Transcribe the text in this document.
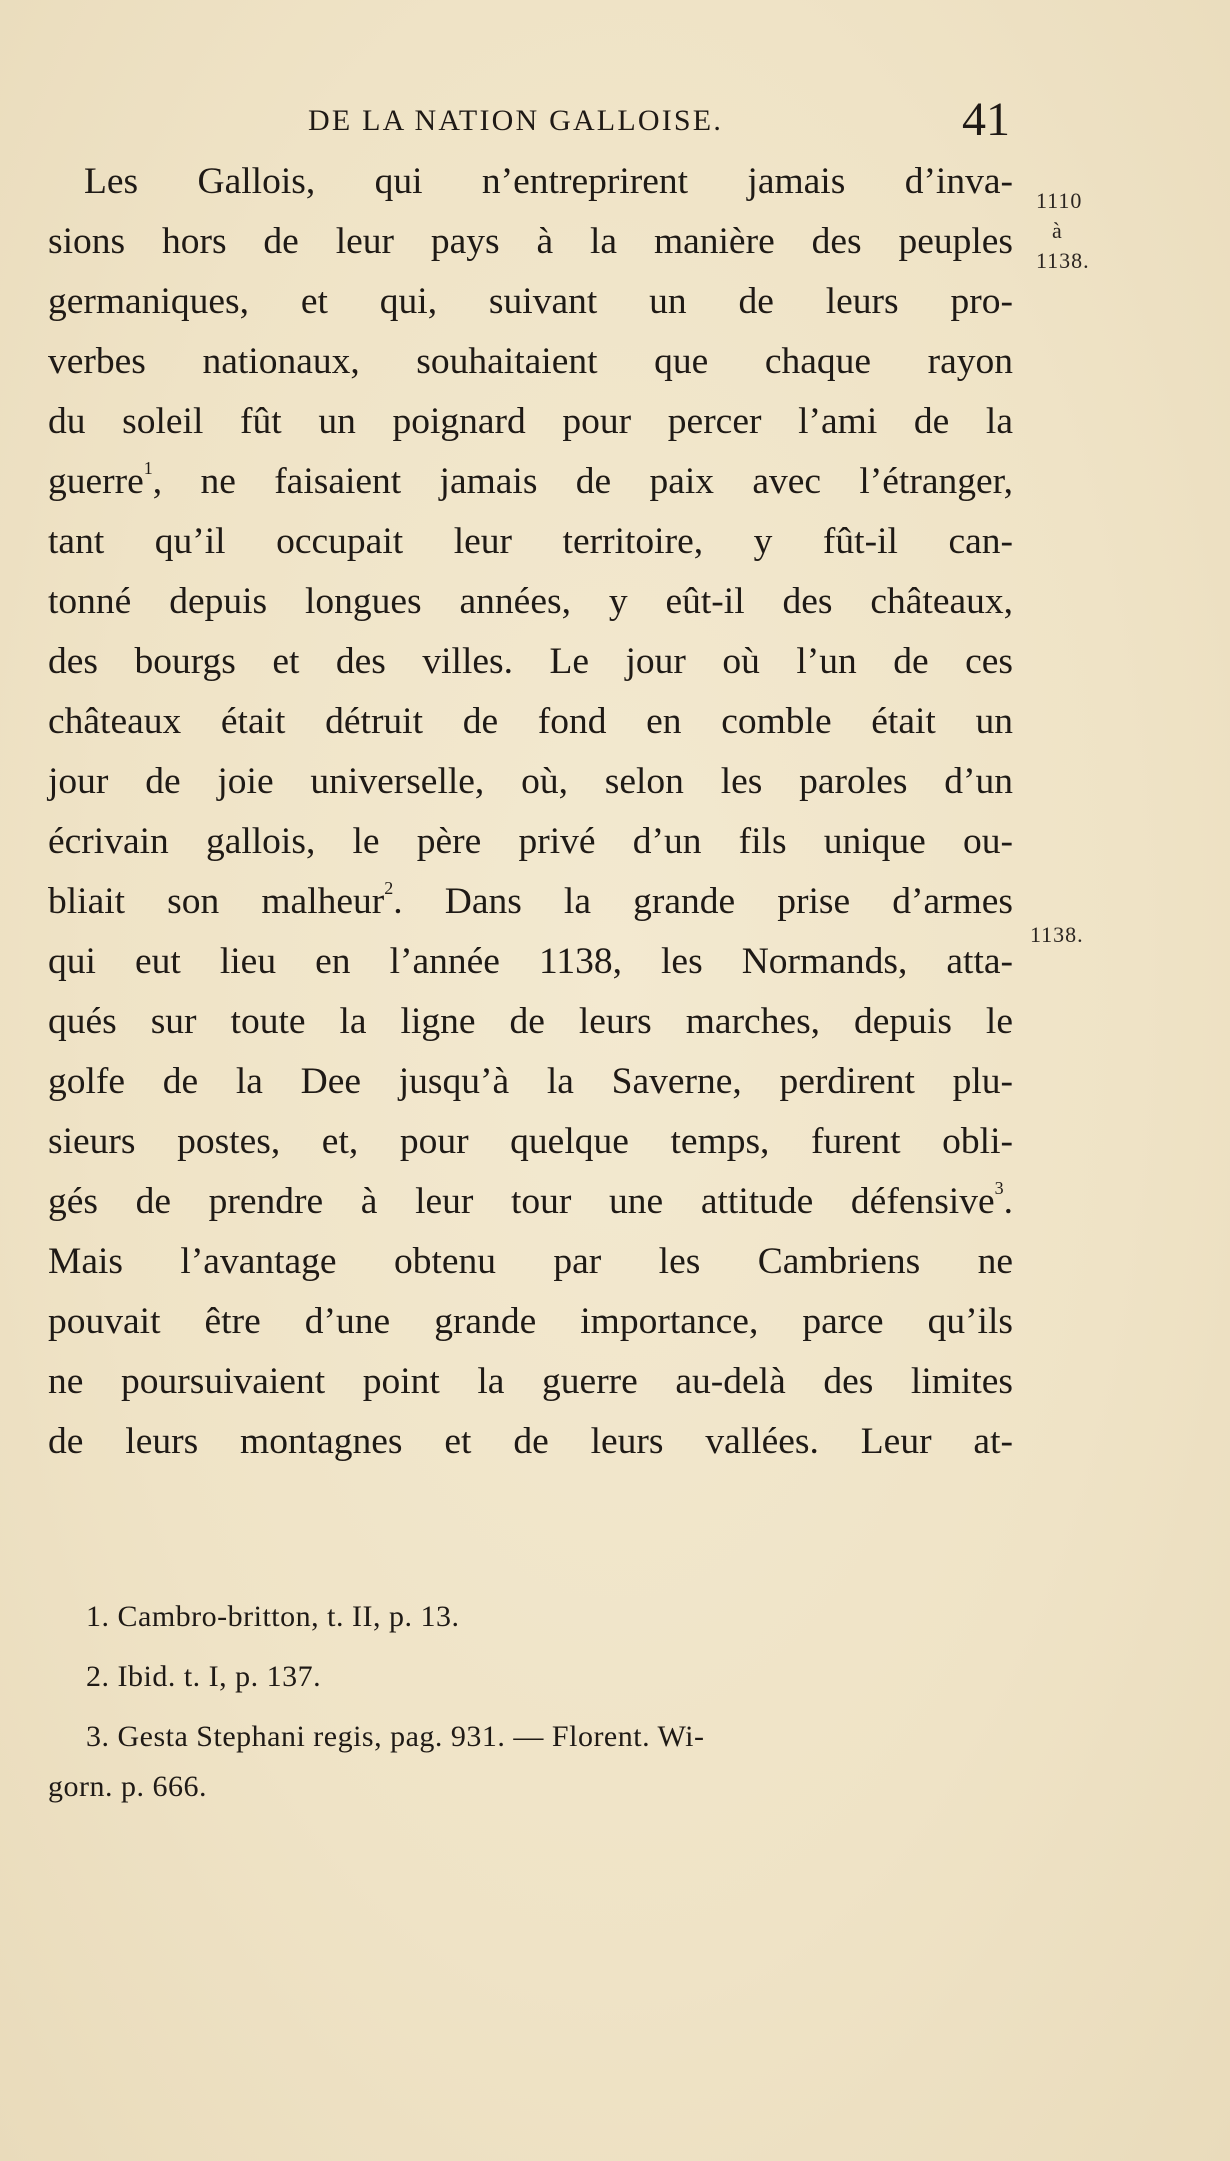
DE LA NATION GALLOISE.	41
1110
à
1138.
1138.
Les Gallois, qui n’entreprirent jamais d’inva-
sions hors de leur pays à la manière des peuples
germaniques, et qui, suivant un de leurs pro-
verbes nationaux, souhaitaient que chaque rayon
du soleil fût un poignard pour percer l’ami de la
guerre$^1$, ne faisaient jamais de paix avec l’étranger,
tant qu’il occupait leur territoire, y fût-il can-
tonné depuis longues années, y eût-il des châteaux,
des bourgs et des villes. Le jour où l’un de ces
châteaux était détruit de fond en comble était un
jour de joie universelle, où, selon les paroles d’un
écrivain gallois, le père privé d’un fils unique ou-
bliait son malheur$^2$. Dans la grande prise d’armes
qui eut lieu en l’année 1138, les Normands, atta-
qués sur toute la ligne de leurs marches, depuis le
golfe de la Dee jusqu’à la Saverne, perdirent plu-
sieurs postes, et, pour quelque temps, furent obli-
gés de prendre à leur tour une attitude défensive$^3$.
Mais l’avantage obtenu par les Cambriens ne
pouvait être d’une grande importance, parce qu’ils
ne poursuivaient point la guerre au-delà des limites
de leurs montagnes et de leurs vallées. Leur at-
1. Cambro-britton, t. II, p. 13.
2. Ibid. t. I, p. 137.
3. Gesta Stephani regis, pag. 931. — Florent. Wi-
gorn. p. 666.
